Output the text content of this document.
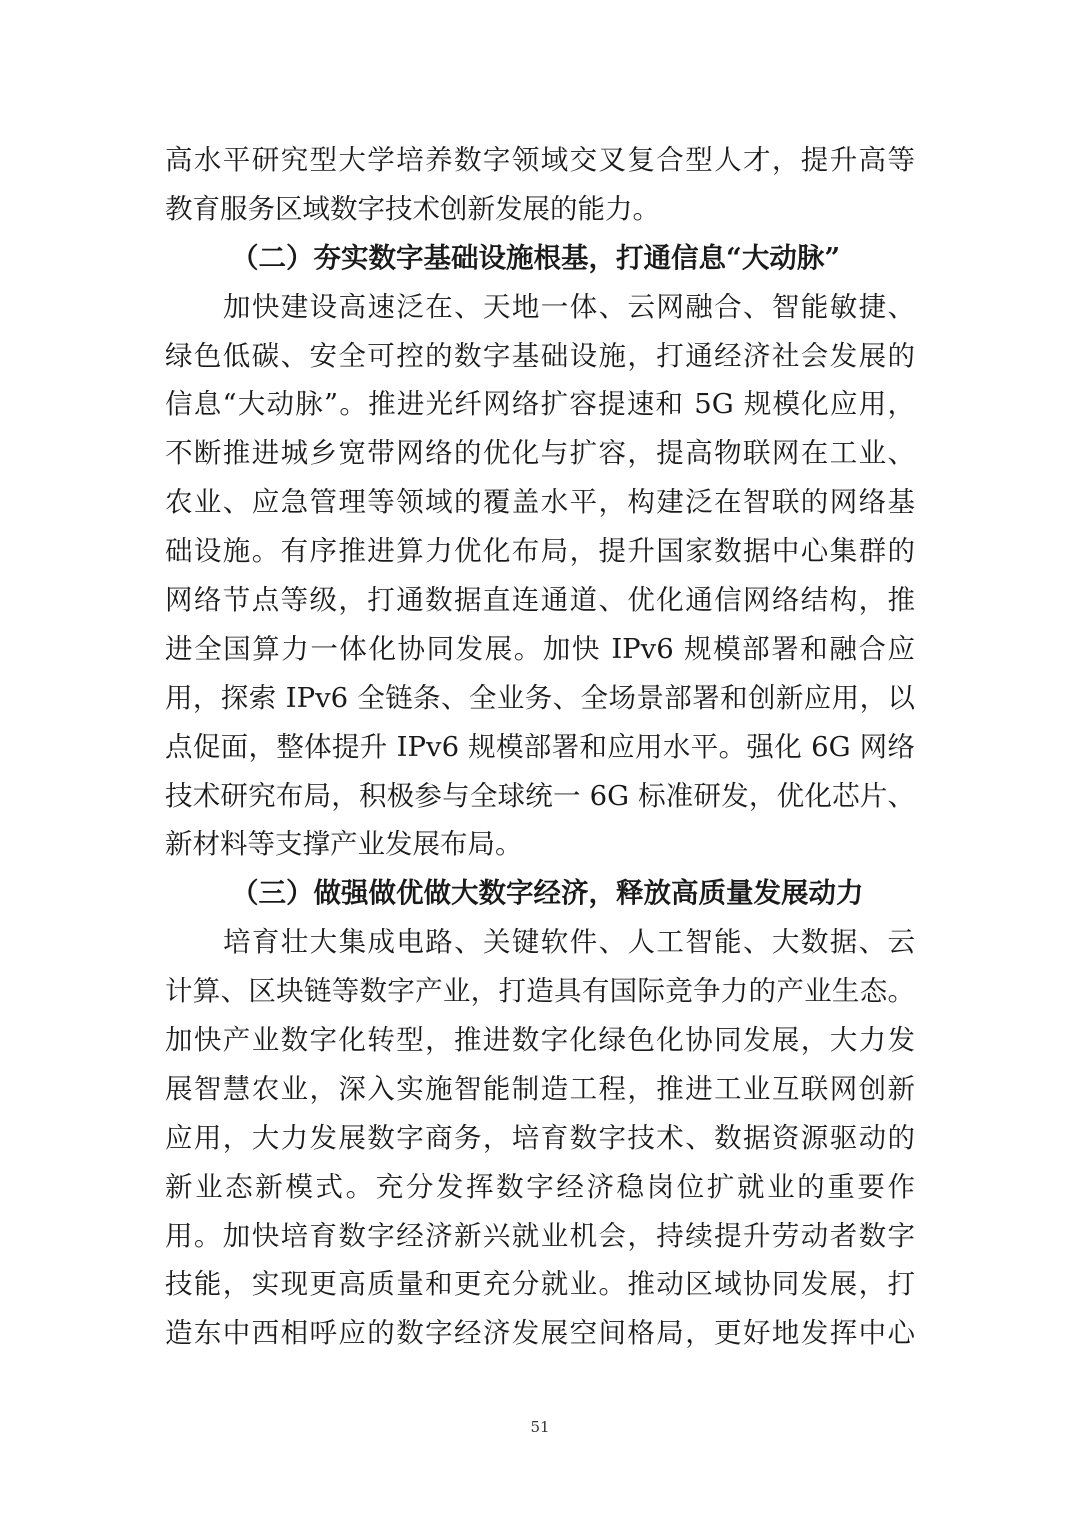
高水平研究型大学培养数字领域交叉复合型人才，提升高等
教育服务区域数字技术创新发展的能力。
（二）夯实数字基础设施根基，打通信息“大动脉”
加快建设高速泛在、天地一体、云网融合、智能敏捷、
绿色低碳、安全可控的数字基础设施，打通经济社会发展的
信息“大动脉”。推进光纤网络扩容提速和 5G 规模化应用，
不断推进城乡宽带网络的优化与扩容，提高物联网在工业、
农业、应急管理等领域的覆盖水平，构建泛在智联的网络基
础设施。有序推进算力优化布局，提升国家数据中心集群的
网络节点等级，打通数据直连通道、优化通信网络结构，推
进全国算力一体化协同发展。加快 IPv6 规模部署和融合应
用，探索 IPv6 全链条、全业务、全场景部署和创新应用，以
点促面，整体提升 IPv6 规模部署和应用水平。强化 6G 网络
技术研究布局，积极参与全球统一 6G 标准研发，优化芯片、
新材料等支撑产业发展布局。
（三）做强做优做大数字经济，释放高质量发展动力
培育壮大集成电路、关键软件、人工智能、大数据、云
计算、区块链等数字产业，打造具有国际竞争力的产业生态。
加快产业数字化转型，推进数字化绿色化协同发展，大力发
展智慧农业，深入实施智能制造工程，推进工业互联网创新
应用，大力发展数字商务，培育数字技术、数据资源驱动的
新业态新模式。充分发挥数字经济稳岗位扩就业的重要作
用。加快培育数字经济新兴就业机会，持续提升劳动者数字
技能，实现更高质量和更充分就业。推动区域协同发展，打
造东中西相呼应的数字经济发展空间格局，更好地发挥中心
51
